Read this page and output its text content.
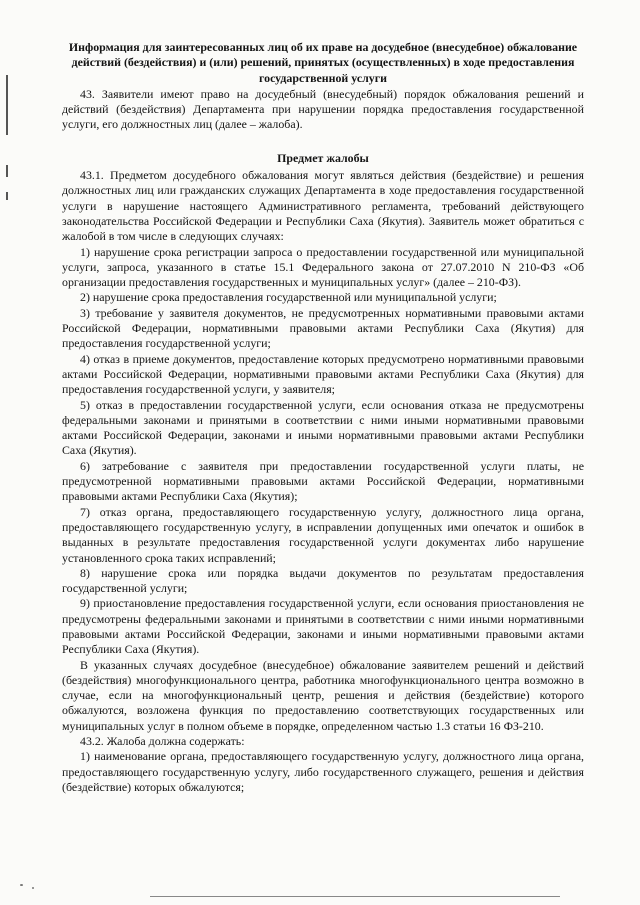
Информация для заинтересованных лиц об их праве на досудебное (внесудебное) обжалование действий (бездействия) и (или) решений, принятых (осуществленных) в ходе предоставления государственной услуги

43. Заявители имеют право на досудебный (внесудебный) порядок обжалования решений и действий (бездействия) Департамента при нарушении порядка предоставления государственной услуги, его должностных лиц (далее – жалоба).

Предмет жалобы

43.1. Предметом досудебного обжалования могут являться действия (бездействие) и решения должностных лиц или гражданских служащих Департамента в ходе предоставления государственной услуги в нарушение настоящего Административного регламента, требований действующего законодательства Российской Федерации и Республики Саха (Якутия). Заявитель может обратиться с жалобой в том числе в следующих случаях:

1) нарушение срока регистрации запроса о предоставлении государственной или муниципальной услуги, запроса, указанного в статье 15.1 Федерального закона от 27.07.2010 N 210-ФЗ «Об организации предоставления государственных и муниципальных услуг» (далее – 210-ФЗ).

2) нарушение срока предоставления государственной или муниципальной услуги;

3) требование у заявителя документов, не предусмотренных нормативными правовыми актами Российской Федерации, нормативными правовыми актами Республики Саха (Якутия) для предоставления государственной услуги;

4) отказ в приеме документов, предоставление которых предусмотрено нормативными правовыми актами Российской Федерации, нормативными правовыми актами Республики Саха (Якутия) для предоставления государственной услуги, у заявителя;

5) отказ в предоставлении государственной услуги, если основания отказа не предусмотрены федеральными законами и принятыми в соответствии с ними иными нормативными правовыми актами Российской Федерации, законами и иными нормативными правовыми актами Республики Саха (Якутия).

6) затребование с заявителя при предоставлении государственной услуги платы, не предусмотренной нормативными правовыми актами Российской Федерации, нормативными правовыми актами Республики Саха (Якутия);

7) отказ органа, предоставляющего государственную услугу, должностного лица органа, предоставляющего государственную услугу, в исправлении допущенных ими опечаток и ошибок в выданных в результате предоставления государственной услуги документах либо нарушение установленного срока таких исправлений;

8) нарушение срока или порядка выдачи документов по результатам предоставления государственной услуги;

9) приостановление предоставления государственной услуги, если основания приостановления не предусмотрены федеральными законами и принятыми в соответствии с ними иными нормативными правовыми актами Российской Федерации, законами и иными нормативными правовыми актами Республики Саха (Якутия).

В указанных случаях досудебное (внесудебное) обжалование заявителем решений и действий (бездействия) многофункционального центра, работника многофункционального центра возможно в случае, если на многофункциональный центр, решения и действия (бездействие) которого обжалуются, возложена функция по предоставлению соответствующих государственных или муниципальных услуг в полном объеме в порядке, определенном частью 1.3 статьи 16 ФЗ-210.

43.2. Жалоба должна содержать:

1) наименование органа, предоставляющего государственную услугу, должностного лица органа, предоставляющего государственную услугу, либо государственного служащего, решения и действия (бездействие) которых обжалуются;
